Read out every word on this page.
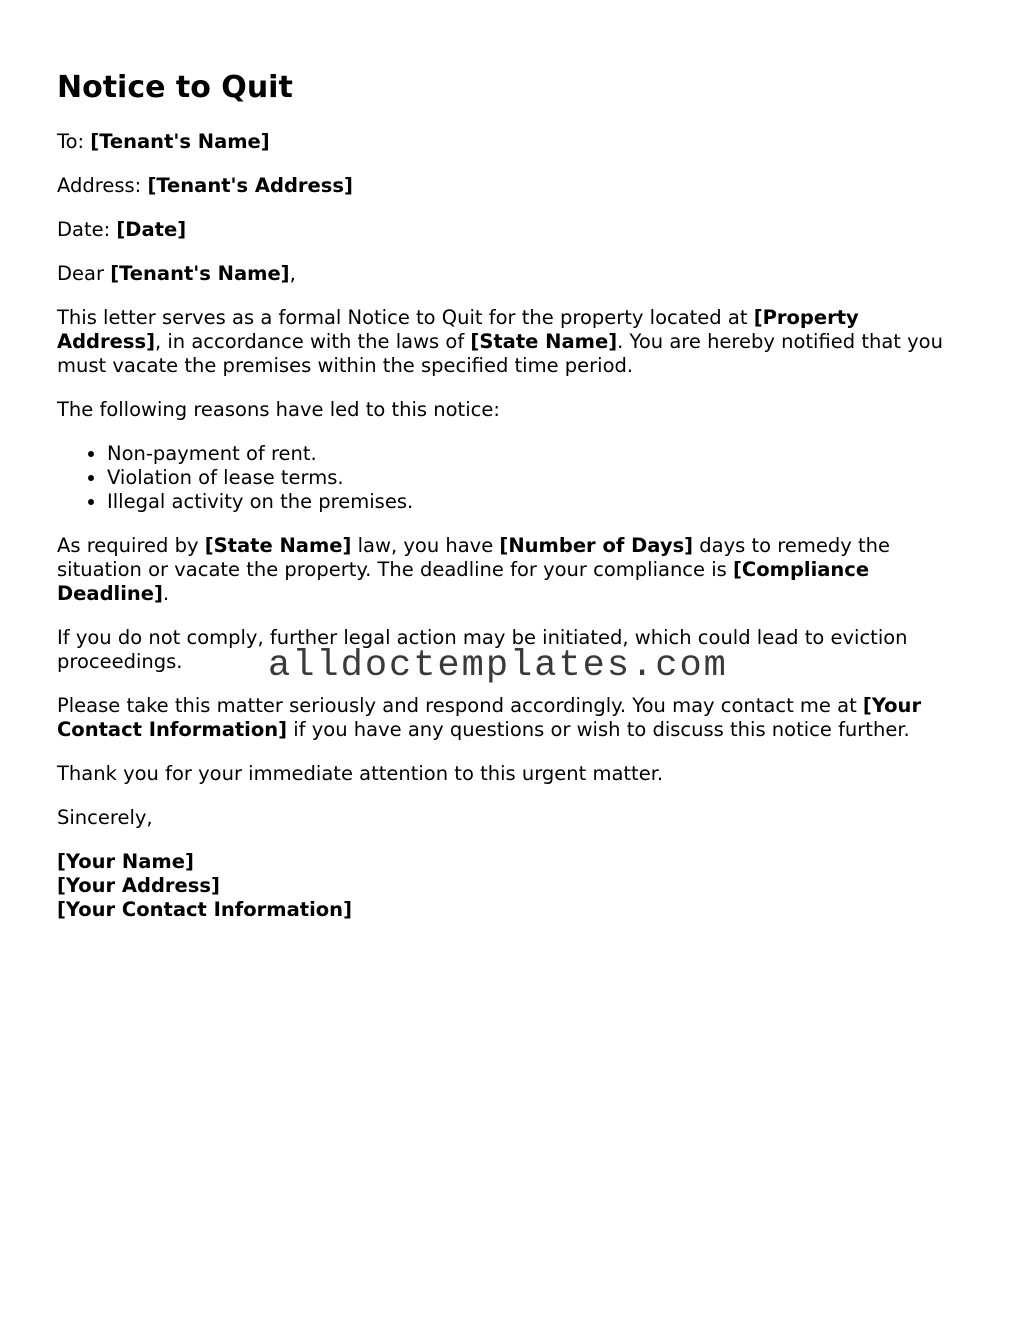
Notice to Quit

To: [Tenant's Name]

Address: [Tenant's Address]

Date: [Date]

Dear [Tenant's Name],

This letter serves as a formal Notice to Quit for the property located at [Property Address], in accordance with the laws of [State Name]. You are hereby notified that you must vacate the premises within the specified time period.

The following reasons have led to this notice:

• Non-payment of rent.
• Violation of lease terms.
• Illegal activity on the premises.

As required by [State Name] law, you have [Number of Days] days to remedy the situation or vacate the property. The deadline for your compliance is [Compliance Deadline].

If you do not comply, further legal action may be initiated, which could lead to eviction proceedings.

Please take this matter seriously and respond accordingly. You may contact me at [Your Contact Information] if you have any questions or wish to discuss this notice further.

Thank you for your immediate attention to this urgent matter.

Sincerely,

[Your Name]

[Your Address]

[Your Contact Information]

alldoctemplates.com
